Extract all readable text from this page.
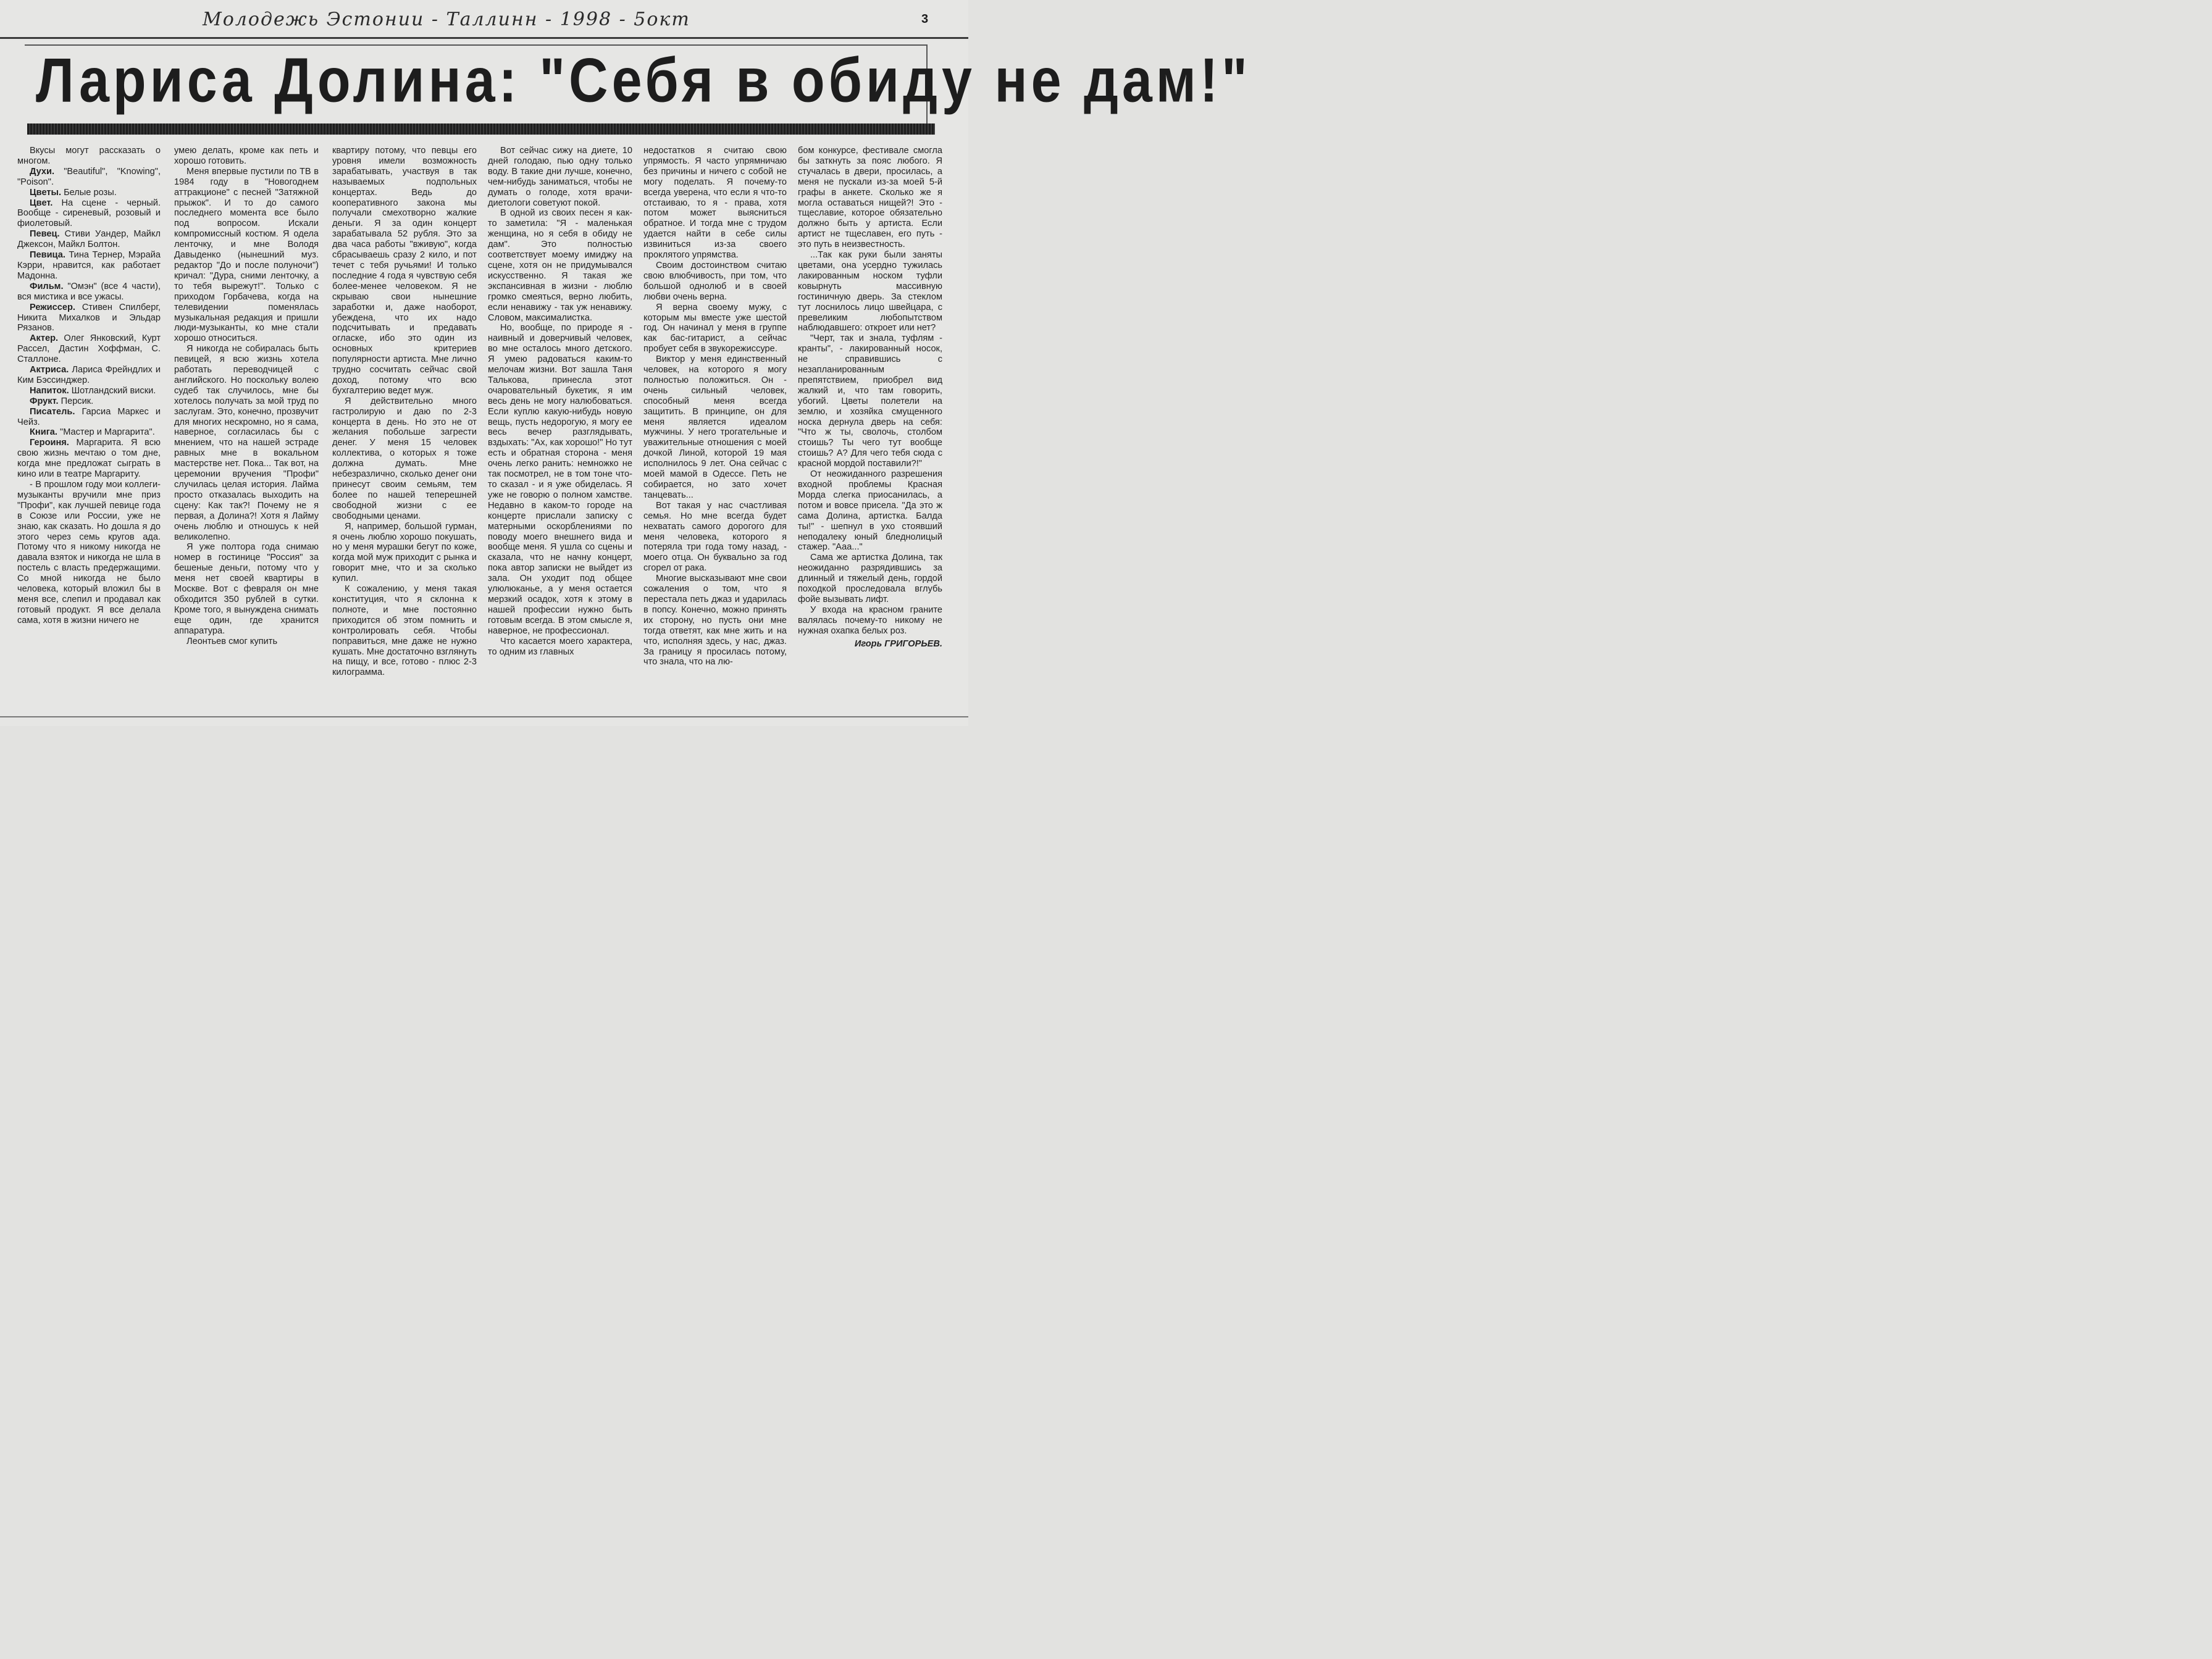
Молодежь Эстонии - Таллинн - 1998 - 5окт	3
Лариса Долина: "Себя в обиду не дам!"

Вкусы могут рассказать о многом.

Духи. "Beautiful", "Knowing", "Poison".

Цветы. Белые розы.

Цвет. На сцене - черный. Вообще - сиреневый, розовый и фиолетовый.

Певец. Стиви Уандер, Майкл Джексон, Майкл Болтон.

Певица. Тина Тернер, Мэрайа Кэрри, нравится, как работает Мадонна.

Фильм. "Омэн" (все 4 части), вся мистика и все ужасы.

Режиссер. Стивен Спилберг, Никита Михалков и Эльдар Рязанов.

Актер. Олег Янковский, Курт Рассел, Дастин Хоффман, С. Сталлоне.

Актриса. Лариса Фрейндлих и Ким Бэссинджер.

Напиток. Шотландский виски.

Фрукт. Персик.

Писатель. Гарсиа Маркес и Чейз.

Книга. "Мастер и Маргарита".

Героиня. Маргарита. Я всю свою жизнь мечтаю о том дне, когда мне предложат сыграть в кино или в театре Маргариту.

- В прошлом году мои коллеги-музыканты вручили мне приз "Профи", как лучшей певице года в Союзе или России, уже не знаю, как сказать. Но дошла я до этого через семь кругов ада. Потому что я никому никогда не давала взяток и никогда не шла в постель с власть предержащими. Со мной никогда не было человека, который вложил бы в меня все, слепил и продавал как готовый продукт. Я все делала сама, хотя в жизни ничего не

умею делать, кроме как петь и хорошо готовить.

Меня впервые пустили по ТВ в 1984 году в "Новогоднем аттракционе" с песней "Затяжной прыжок". И то до самого последнего момента все было под вопросом. Искали компромиссный костюм. Я одела ленточку, и мне Володя Давыденко (нынешний муз. редактор "До и после полуночи") кричал: "Дура, сними ленточку, а то тебя вырежут!". Только с приходом Горбачева, когда на телевидении поменялась музыкальная редакция и пришли люди-музыканты, ко мне стали хорошо относиться.

Я никогда не собиралась быть певицей, я всю жизнь хотела работать переводчицей с английского. Но поскольку волею судеб так случилось, мне бы хотелось получать за мой труд по заслугам. Это, конечно, прозвучит для многих нескромно, но я сама, наверное, согласилась бы с мнением, что на нашей эстраде равных мне в вокальном мастерстве нет. Пока... Так вот, на церемонии вручения "Профи" случилась целая история. Лайма просто отказалась выходить на сцену: Как так?! Почему не я первая, а Долина?! Хотя я Лайму очень люблю и отношусь к ней великолепно.

Я уже полтора года снимаю номер в гостинице "Россия" за бешеные деньги, потому что у меня нет своей квартиры в Москве. Вот с февраля он мне обходится 350 рублей в сутки. Кроме того, я вынуждена снимать еще один, где хранится аппаратура.

Леонтьев смог купить

квартиру потому, что певцы его уровня имели возможность зарабатывать, участвуя в так называемых подпольных концертах. Ведь до кооперативного закона мы получали смехотворно жалкие деньги. Я за один концерт зарабатывала 52 рубля. Это за два часа работы "вживую", когда сбрасываешь сразу 2 кило, и пот течет с тебя ручьями! И только последние 4 года я чувствую себя более-менее человеком. Я не скрываю свои нынешние заработки и, даже наоборот, убеждена, что их надо подсчитывать и предавать огласке, ибо это один из основных критериев популярности артиста. Мне лично трудно сосчитать сейчас свой доход, потому что всю бухгалтерию ведет муж.

Я действительно много гастролирую и даю по 2-3 концерта в день. Но это не от желания побольше загрести денег. У меня 15 человек коллектива, о которых я тоже должна думать. Мне небезразлично, сколько денег они принесут своим семьям, тем более по нашей теперешней свободной жизни с ее свободными ценами.

Я, например, большой гурман, я очень люблю хорошо покушать, но у меня мурашки бегут по коже, когда мой муж приходит с рынка и говорит мне, что и за сколько купил.

К сожалению, у меня такая конституция, что я склонна к полноте, и мне постоянно приходится об этом помнить и контролировать себя. Чтобы поправиться, мне даже не нужно кушать. Мне достаточно взглянуть на пищу, и все, готово - плюс 2-3 килограмма.

Вот сейчас сижу на диете, 10 дней голодаю, пью одну только воду. В такие дни лучше, конечно, чем-нибудь заниматься, чтобы не думать о голоде, хотя врачи-диетологи советуют покой.

В одной из своих песен я как-то заметила: "Я - маленькая женщина, но я себя в обиду не дам". Это полностью соответствует моему имиджу на сцене, хотя он не придумывался искусственно. Я такая же экспансивная в жизни - люблю громко смеяться, верно любить, если ненавижу - так уж ненавижу. Словом, максималистка.

Но, вообще, по природе я - наивный и доверчивый человек, во мне осталось много детского. Я умею радоваться каким-то мелочам жизни. Вот зашла Таня Талькова, принесла этот очаровательный букетик, я им весь день не могу налюбоваться. Если куплю какую-нибудь новую вещь, пусть недорогую, я могу ее весь вечер разглядывать, вздыхать: "Ах, как хорошо!" Но тут есть и обратная сторона - меня очень легко ранить: немножко не так посмотрел, не в том тоне что-то сказал - и я уже обиделась. Я уже не говорю о полном хамстве. Недавно в каком-то городе на концерте прислали записку с матерными оскорблениями по поводу моего внешнего вида и вообще меня. Я ушла со сцены и сказала, что не начну концерт, пока автор записки не выйдет из зала. Он уходит под общее улюлюканье, а у меня остается мерзкий осадок, хотя к этому в нашей профессии нужно быть готовым всегда. В этом смысле я, наверное, не профессионал.

Что касается моего характера, то одним из главных

недостатков я считаю свою упрямость. Я часто упрямничаю без причины и ничего с собой не могу поделать. Я почему-то всегда уверена, что если я что-то отстаиваю, то я - права, хотя потом может выясниться обратное. И тогда мне с трудом удается найти в себе силы извиниться из-за своего проклятого упрямства.

Своим достоинством считаю свою влюбчивость, при том, что большой однолюб и в своей любви очень верна.

Я верна своему мужу, с которым мы вместе уже шестой год. Он начинал у меня в группе как бас-гитарист, а сейчас пробует себя в звукорежиссуре.

Виктор у меня единственный человек, на которого я могу полностью положиться. Он - очень сильный человек, способный меня всегда защитить. В принципе, он для меня является идеалом мужчины. У него трогательные и уважительные отношения с моей дочкой Линой, которой 19 мая исполнилось 9 лет. Она сейчас с моей мамой в Одессе. Петь не собирается, но зато хочет танцевать...

Вот такая у нас счастливая семья. Но мне всегда будет нехватать самого дорогого для меня человека, которого я потеряла три года тому назад, - моего отца. Он буквально за год сгорел от рака.

Многие высказывают мне свои сожаления о том, что я перестала петь джаз и ударилась в попсу. Конечно, можно принять их сторону, но пусть они мне тогда ответят, как мне жить и на что, исполняя здесь, у нас, джаз. За границу я просилась потому, что знала, что на лю-

бом конкурсе, фестивале смогла бы заткнуть за пояс любого. Я стучалась в двери, просилась, а меня не пускали из-за моей 5-й графы в анкете. Сколько же я могла оставаться нищей?! Это - тщеславие, которое обязательно должно быть у артиста. Если артист не тщеславен, его путь - это путь в неизвестность.

...Так как руки были заняты цветами, она усердно тужилась лакированным носком туфли ковырнуть массивную гостиничную дверь. За стеклом тут лоснилось лицо швейцара, с превеликим любопытством наблюдавшего: откроет или нет?

"Черт, так и знала, туфлям - кранты", - лакированный носок, не справившись с незапланированным препятствием, приобрел вид жалкий и, что там говорить, убогий. Цветы полетели на землю, и хозяйка смущенного носка дернула дверь на себя: "Что ж ты, сволочь, столбом стоишь? Ты чего тут вообще стоишь? А? Для чего тебя сюда с красной мордой поставили?!"

От неожиданного разрешения входной проблемы Красная Морда слегка приосанилась, а потом и вовсе присела. "Да это ж сама Долина, артистка. Балда ты!" - шепнул в ухо стоявший неподалеку юный бледнолицый стажер. "Ааа..."

Сама же артистка Долина, так неожиданно разрядившись за длинный и тяжелый день, гордой походкой проследовала вглубь фойе вызывать лифт.

У входа на красном граните валялась почему-то никому не нужная охапка белых роз.

Игорь ГРИГОРЬЕВ.
